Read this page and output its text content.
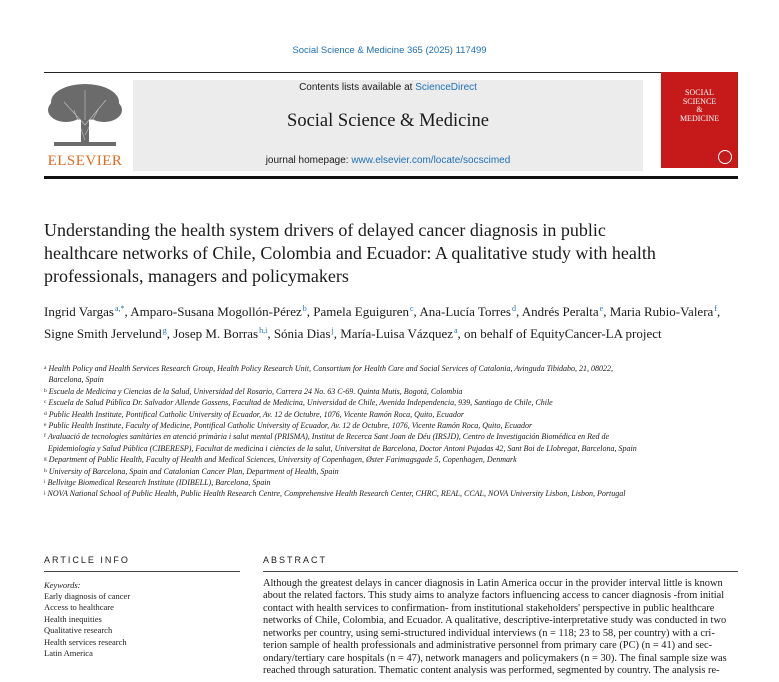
Social Science & Medicine 365 (2025) 117499
ELSEVIER
Contents lists available at ScienceDirect
Social Science & Medicine
journal homepage: www.elsevier.com/locate/socscimed
SOCIAL
SCIENCE
&
MEDICINE
Understanding the health system drivers of delayed cancer diagnosis in public healthcare networks of Chile, Colombia and Ecuador: A qualitative study with health professionals, managers and policymakers
Ingrid Vargas$^{a,*}$, Amparo-Susana Mogollón-Pérez$^b$, Pamela Eguiguren$^c$, Ana-Lucía Torres$^d$, Andrés Peralta$^e$, Maria Rubio-Valera$^f$, Signe Smith Jervelund$^g$, Josep M. Borras$^{h,i}$, Sónia Dias$^j$, María-Luisa Vázquez$^a$, on behalf of EquityCancer-LA project
a Health Policy and Health Services Research Group, Health Policy Research Unit, Consortium for Health Care and Social Services of Catalonia, Avinguda Tibidabo, 21, 08022, Barcelona, Spain
b Escuela de Medicina y Ciencias de la Salud, Universidad del Rosario, Carrera 24 No. 63 C-69. Quinta Mutis, Bogotá, Colombia
c Escuela de Salud Pública Dr. Salvador Allende Gossens, Facultad de Medicina, Universidad de Chile, Avenida Independencia, 939, Santiago de Chile, Chile
d Public Health Institute, Pontifical Catholic University of Ecuador, Av. 12 de Octubre, 1076, Vicente Ramón Roca, Quito, Ecuador
e Public Health Institute, Faculty of Medicine, Pontifical Catholic University of Ecuador, Av. 12 de Octubre, 1076, Vicente Ramón Roca, Quito, Ecuador
f Avaluació de tecnologies sanitàries en atenció primària i salut mental (PRISMA), Institut de Recerca Sant Joan de Déu (IRSJD), Centro de Investigación Biomédica en Red de Epidemiología y Salud Pública (CIBERESP), Facultat de medicina i ciències de la salut, Universitat de Barcelona, Doctor Antoni Pujadas 42, Sant Boi de Llobregat, Barcelona, Spain
g Department of Public Health, Faculty of Health and Medical Sciences, University of Copenhagen, Øster Farimagsgade 5, Copenhagen, Denmark
h University of Barcelona, Spain and Catalonian Cancer Plan, Department of Health, Spain
i Bellvitge Biomedical Research Institute (IDIBELL), Barcelona, Spain
j NOVA National School of Public Health, Public Health Research Centre, Comprehensive Health Research Center, CHRC, REAL, CCAL, NOVA University Lisbon, Lisbon, Portugal
ARTICLE INFO	ABSTRACT
Keywords:
Early diagnosis of cancer
Access to healthcare
Health inequities
Qualitative research
Health services research
Latin America
Although the greatest delays in cancer diagnosis in Latin America occur in the provider interval little is known
about the related factors. This study aims to analyze factors influencing access to cancer diagnosis -from initial
contact with health services to confirmation- from institutional stakeholders' perspective in public healthcare
networks of Chile, Colombia, and Ecuador. A qualitative, descriptive-interpretative study was conducted in two
networks per country, using semi-structured individual interviews (n = 118; 23 to 58, per country) with a cri-
terion sample of health professionals and administrative personnel from primary care (PC) (n = 41) and sec-
ondary/tertiary care hospitals (n = 47), network managers and policymakers (n = 30). The final sample size was
reached through saturation. Thematic content analysis was performed, segmented by country. The analysis re-
